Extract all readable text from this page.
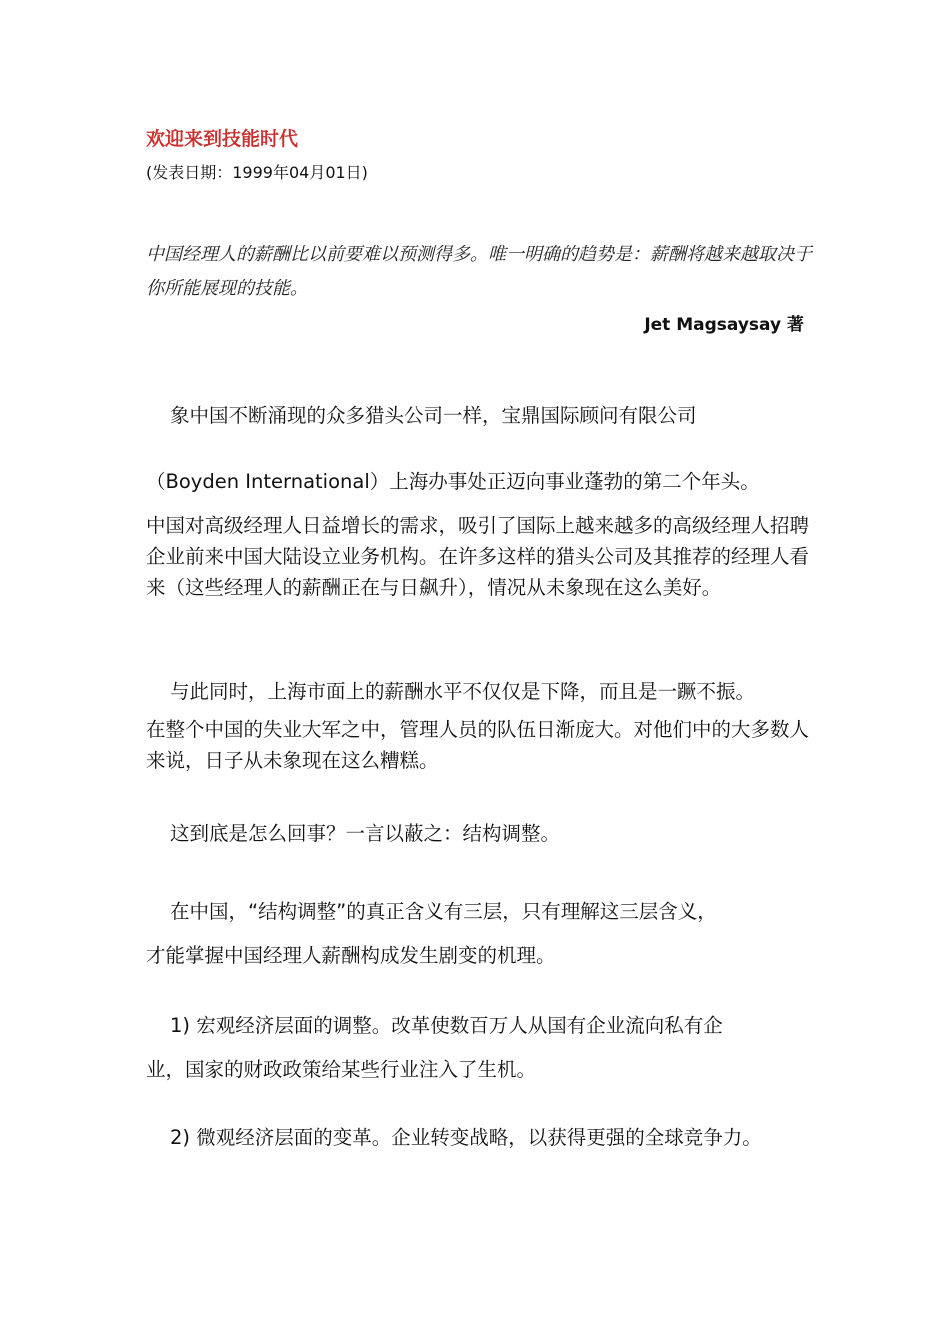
欢迎来到技能时代
(发表日期：1999年04月01日)
中国经理人的薪酬比以前要难以预测得多。唯一明确的趋势是：薪酬将越来越取决于你所能展现的技能。
Jet Magsaysay 著
象中国不断涌现的众多猎头公司一样，宝鼎国际顾问有限公司
（Boyden International）上海办事处正迈向事业蓬勃的第二个年头。
中国对高级经理人日益增长的需求，吸引了国际上越来越多的高级经理人招聘企业前来中国大陆设立业务机构。在许多这样的猎头公司及其推荐的经理人看来（这些经理人的薪酬正在与日飙升），情况从未象现在这么美好。
与此同时，上海市面上的薪酬水平不仅仅是下降，而且是一蹶不振。
在整个中国的失业大军之中，管理人员的队伍日渐庞大。对他们中的大多数人来说，日子从未象现在这么糟糕。
这到底是怎么回事？一言以蔽之：结构调整。
在中国，“结构调整”的真正含义有三层，只有理解这三层含义，
才能掌握中国经理人薪酬构成发生剧变的机理。
1) 宏观经济层面的调整。改革使数百万人从国有企业流向私有企
业，国家的财政政策给某些行业注入了生机。
2) 微观经济层面的变革。企业转变战略，以获得更强的全球竞争力。
